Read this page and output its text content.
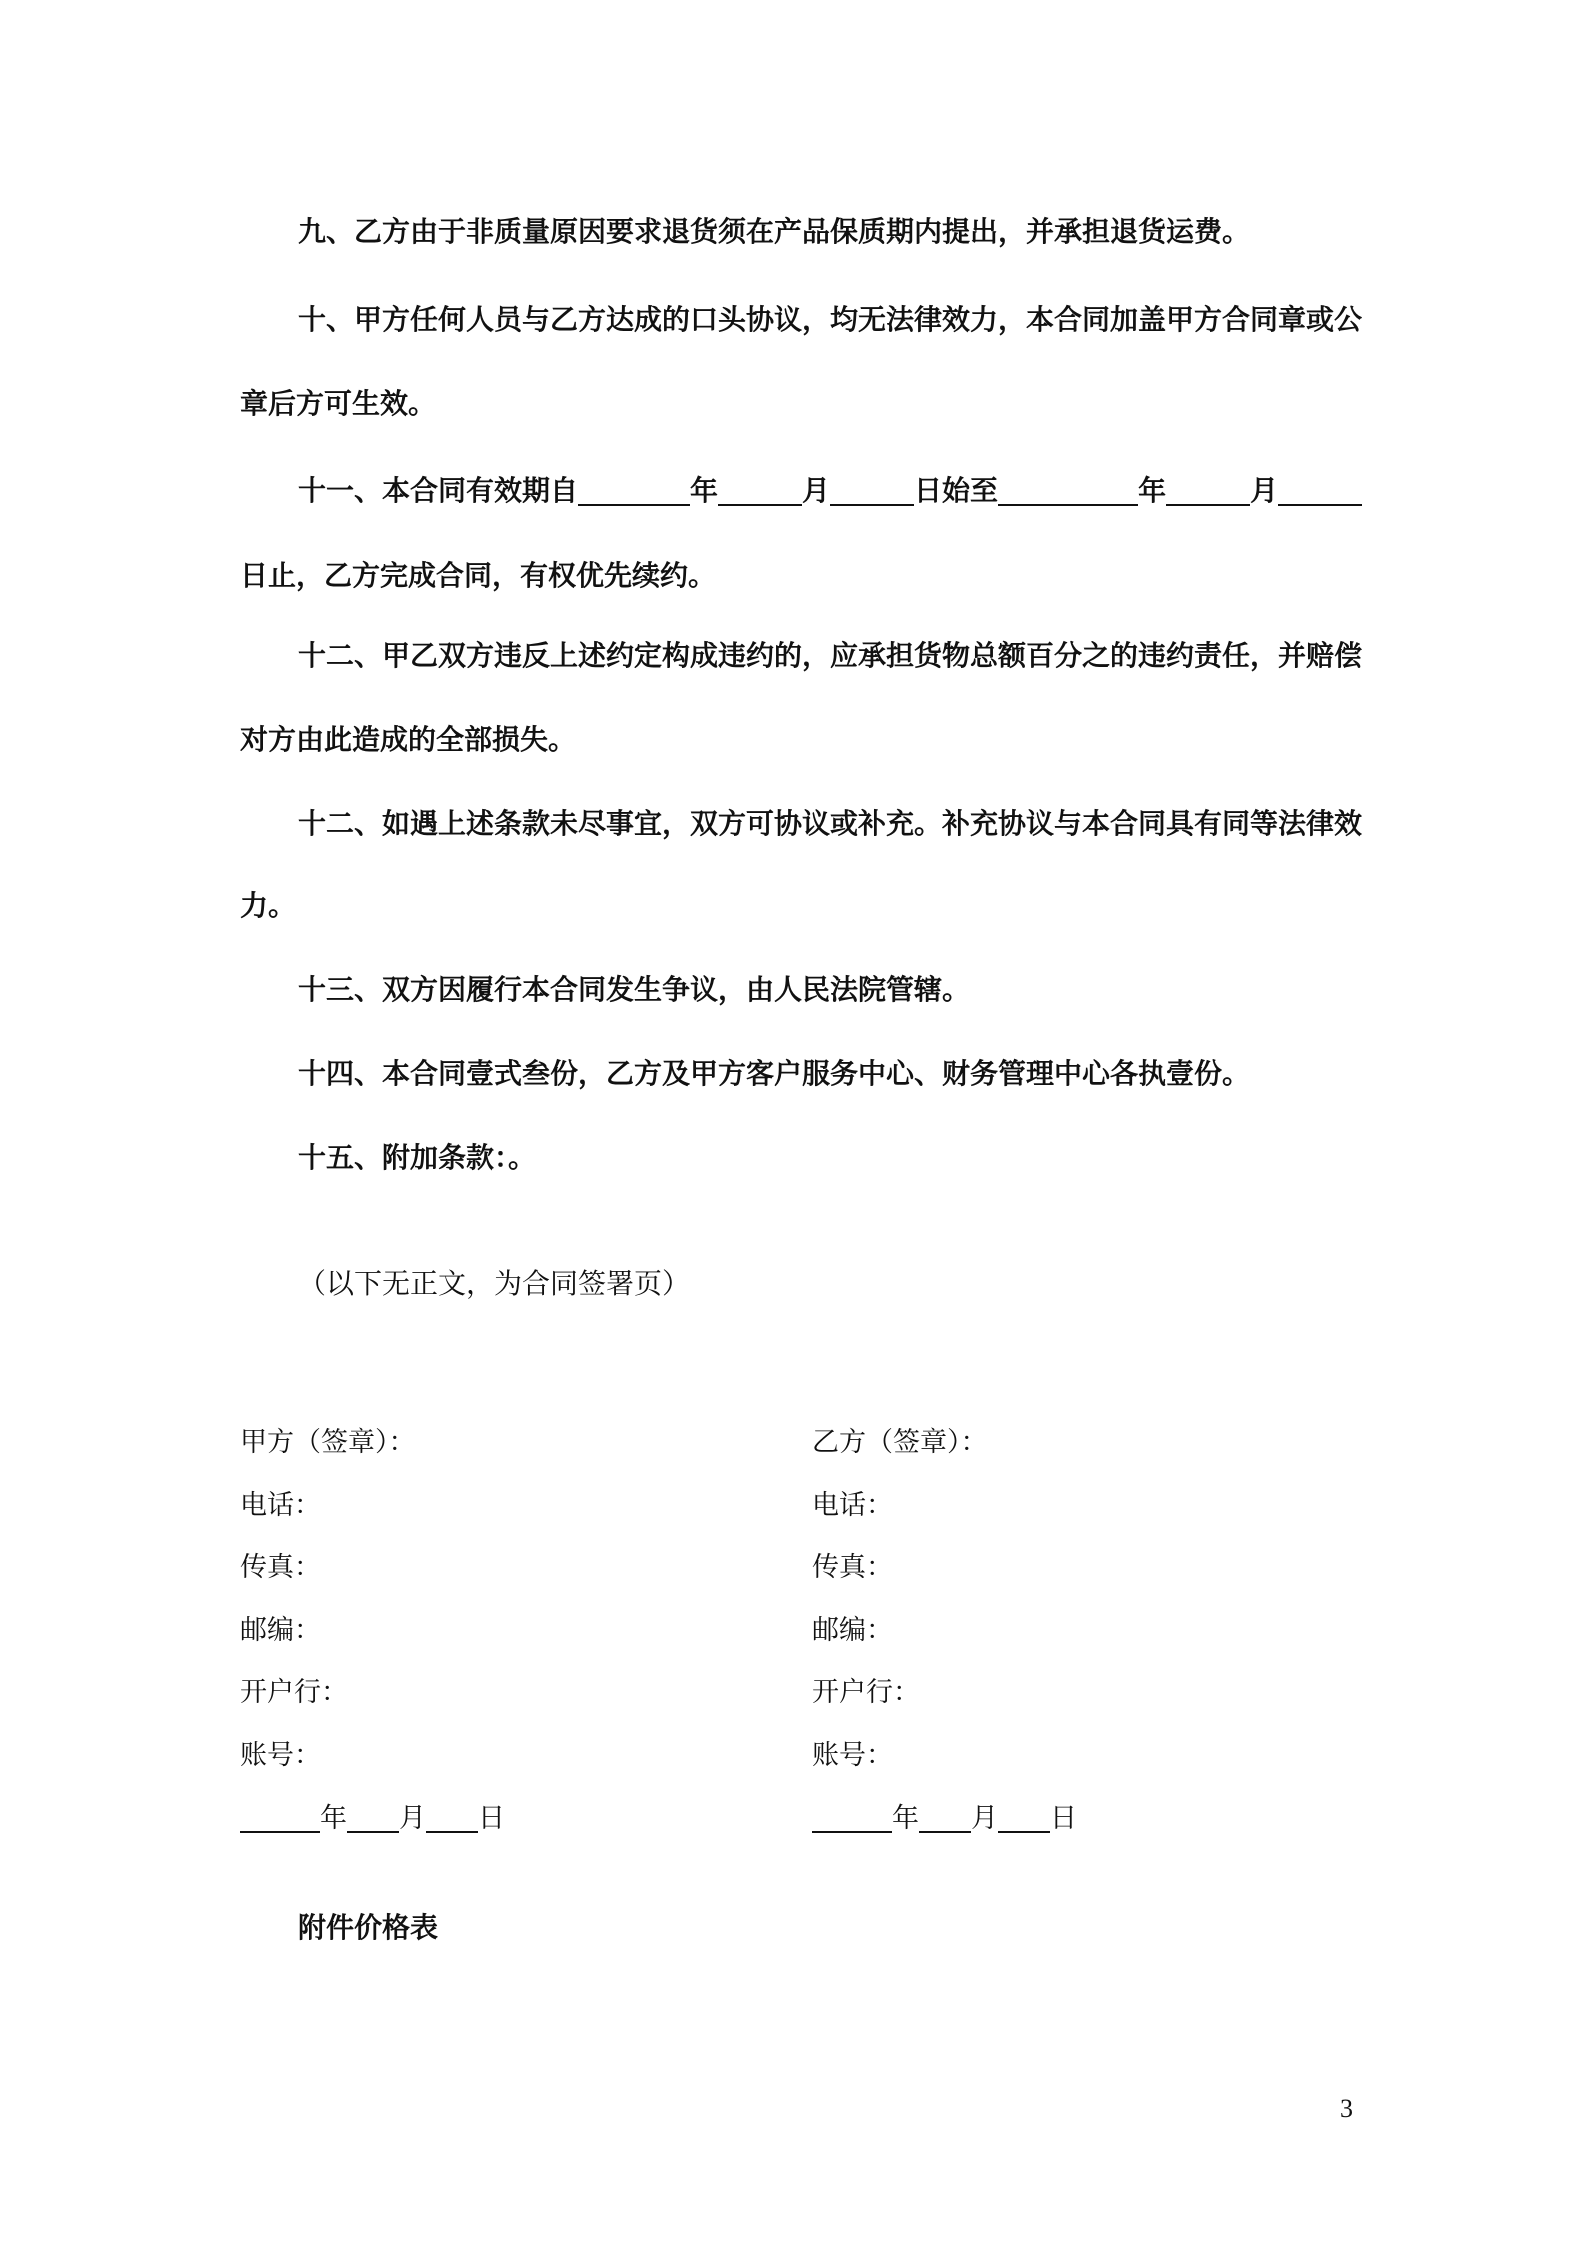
九、乙方由于非质量原因要求退货须在产品保质期内提出，并承担退货运费。
十、甲方任何人员与乙方达成的口头协议，均无法律效力，本合同加盖甲方合同章或公
章后方可生效。
十一、本合同有效期自	年	月	日始至	年	月
日止，乙方完成合同，有权优先续约。
十二、甲乙双方违反上述约定构成违约的，应承担货物总额百分之的违约责任，并赔偿
对方由此造成的全部损失。
十二、如遇上述条款未尽事宜，双方可协议或补充。补充协议与本合同具有同等法律效
力。
十三、双方因履行本合同发生争议，由人民法院管辖。
十四、本合同壹式叁份，乙方及甲方客户服务中心、财务管理中心各执壹份。
十五、附加条款：。
（以下无正文，为合同签署页）
甲方（签章）：
电话：
传真：
邮编：
开户行：
账号：
年 月 日
乙方（签章）：
电话：
传真：
邮编：
开户行：
账号：
年 月 日
附件价格表
3
